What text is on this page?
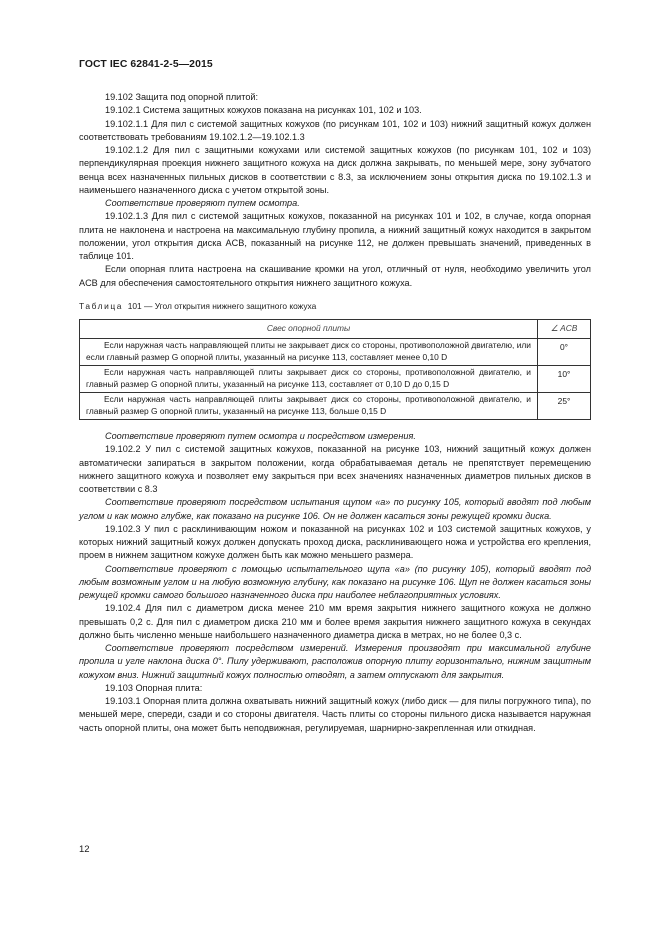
ГОСТ IEC 62841-2-5—2015

19.102 Защита под опорной плитой:

19.102.1 Система защитных кожухов показана на рисунках 101, 102 и 103.

19.102.1.1 Для пил с системой защитных кожухов (по рисункам 101, 102 и 103) нижний защитный кожух должен соответствовать требованиям 19.102.1.2—19.102.1.3

19.102.1.2 Для пил с защитными кожухами или системой защитных кожухов (по рисункам 101, 102 и 103) перпендикулярная проекция нижнего защитного кожуха на диск должна закрывать, по меньшей мере, зону зубчатого венца всех назначенных пильных дисков в соответствии с 8.3, за исключением зоны открытия диска по 19.102.1.3 и наименьшего назначенного диска с учетом открытой зоны.

Соответствие проверяют путем осмотра.

19.102.1.3 Для пил с системой защитных кожухов, показанной на рисунках 101 и 102, в случае, когда опорная плита не наклонена и настроена на максимальную глубину пропила, а нижний защитный кожух находится в закрытом положении, угол открытия диска ACB, показанный на рисунке 112, не должен превышать значений, приведенных в таблице 101.

Если опорная плита настроена на скашивание кромки на угол, отличный от нуля, необходимо увеличить угол ACB для обеспечения самостоятельного открытия нижнего защитного кожуха.

Таблица 101 — Угол открытия нижнего защитного кожуха
Свес опорной плиты	∠ ACB
Если наружная часть направляющей плиты не закрывает диск со стороны, противоположной двигателю, или если главный размер G опорной плиты, указанный на рисунке 113, составляет менее 0,10 D	0°
Если наружная часть направляющей плиты закрывает диск со стороны, противоположной двигателю, и главный размер G опорной плиты, указанный на рисунке 113, составляет от 0,10 D до 0,15 D	10°
Если наружная часть направляющей плиты закрывает диск со стороны, противоположной двигателю, и главный размер G опорной плиты, указанный на рисунке 113, больше 0,15 D	25°

Соответствие проверяют путем осмотра и посредством измерения.

19.102.2 У пил с системой защитных кожухов, показанной на рисунке 103, нижний защитный кожух должен автоматически запираться в закрытом положении, когда обрабатываемая деталь не препятствует перемещению нижнего защитного кожуха и позволяет ему закрыться при всех значениях назначенных диаметров пильных дисков в соответствии с 8.3

Соответствие проверяют посредством испытания щупом «а» по рисунку 105, который вводят под любым углом и как можно глубже, как показано на рисунке 106. Он не должен касаться зоны режущей кромки диска.

19.102.3 У пил с расклинивающим ножом и показанной на рисунках 102 и 103 системой защитных кожухов, у которых нижний защитный кожух должен допускать проход диска, расклинивающего ножа и устройства его крепления, проем в нижнем защитном кожухе должен быть как можно меньшего размера.

Соответствие проверяют с помощью испытательного щупа «а» (по рисунку 105), который вводят под любым возможным углом и на любую возможную глубину, как показано на рисунке 106. Щуп не должен касаться зоны режущей кромки самого большого назначенного диска при наиболее неблагоприятных условиях.

19.102.4 Для пил с диаметром диска менее 210 мм время закрытия нижнего защитного кожуха не должно превышать 0,2 с. Для пил с диаметром диска 210 мм и более время закрытия нижнего защитного кожуха в секундах должно быть численно меньше наибольшего назначенного диаметра диска в метрах, но не более 0,3 с.

Соответствие проверяют посредством измерений. Измерения производят при максимальной глубине пропила и угле наклона диска 0°. Пилу удерживают, расположив опорную плиту горизонтально, нижним защитным кожухом вниз. Нижний защитный кожух полностью отводят, а затем отпускают для закрытия.

19.103 Опорная плита:

19.103.1 Опорная плита должна охватывать нижний защитный кожух (либо диск — для пилы погружного типа), по меньшей мере, спереди, сзади и со стороны двигателя. Часть плиты со стороны пильного диска называется наружная часть опорной плиты, она может быть неподвижная, регулируемая, шарнирно-закрепленная или откидная.

12
